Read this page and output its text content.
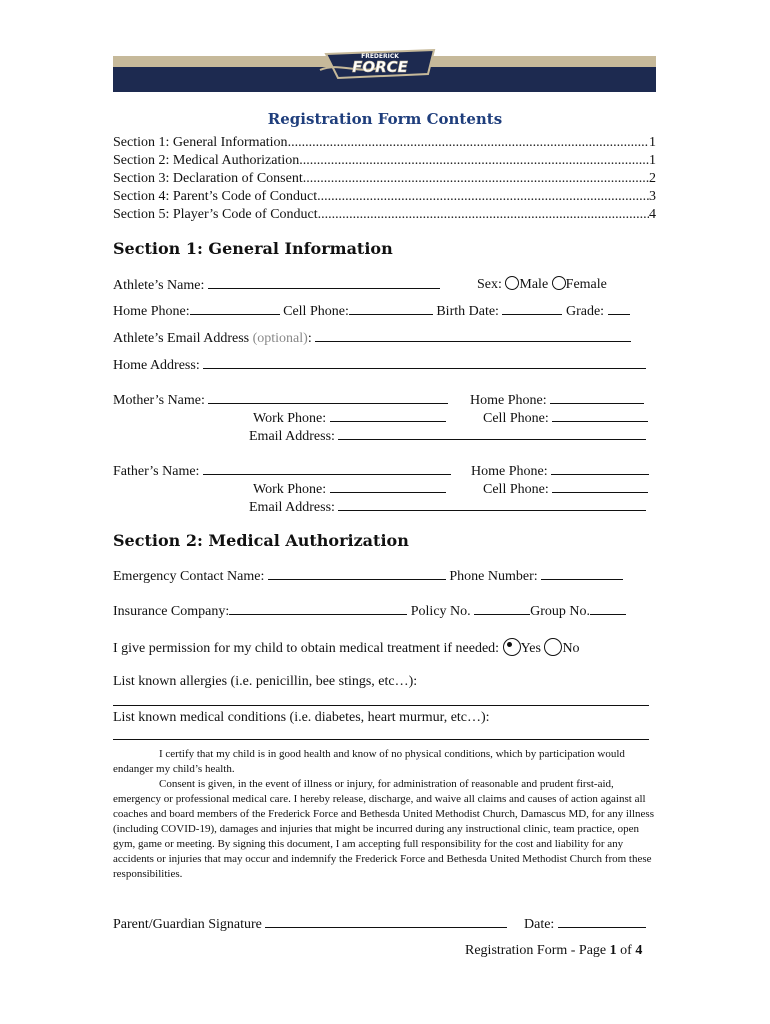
FREDERICK
FORCE
Registration Form Contents
Section 1: General Information .....	1
Section 2: Medical Authorization .....	1
Section 3: Declaration of Consent .....	2
Section 4: Parent’s Code of Conduct .....	3
Section 5: Player’s Code of Conduct .....	4
Section 1: General Information
Athlete’s Name:	Sex: Male Female
Home Phone:	Cell Phone:	Birth Date:	Grade:
Athlete’s Email Address (optional):
Home Address:
Mother’s Name:	Home Phone:
Work Phone:	Cell Phone:
Email Address:
Father’s Name:	Home Phone:
Work Phone:	Cell Phone:
Email Address:
Section 2: Medical Authorization
Emergency Contact Name:	Phone Number:
Insurance Company:	Policy No.	Group No.
I give permission for my child to obtain medical treatment if needed: Yes No
List known allergies (i.e. penicillin, bee stings, etc…):
List known medical conditions (i.e. diabetes, heart murmur, etc…):
I certify that my child is in good health and know of no physical conditions, which by participation would endanger my child’s health.
Consent is given, in the event of illness or injury, for administration of reasonable and prudent first-aid, emergency or professional medical care. I hereby release, discharge, and waive all claims and causes of action against all coaches and board members of the Frederick Force and Bethesda United Methodist Church, Damascus MD, for any illness (including COVID-19), damages and injuries that might be incurred during any instructional clinic, team practice, open gym, game or meeting. By signing this document, I am accepting full responsibility for the cost and liability for any accidents or injuries that may occur and indemnify the Frederick Force and Bethesda United Methodist Church from these responsibilities.
Parent/Guardian Signature	Date:
Registration Form - Page 1 of 4
